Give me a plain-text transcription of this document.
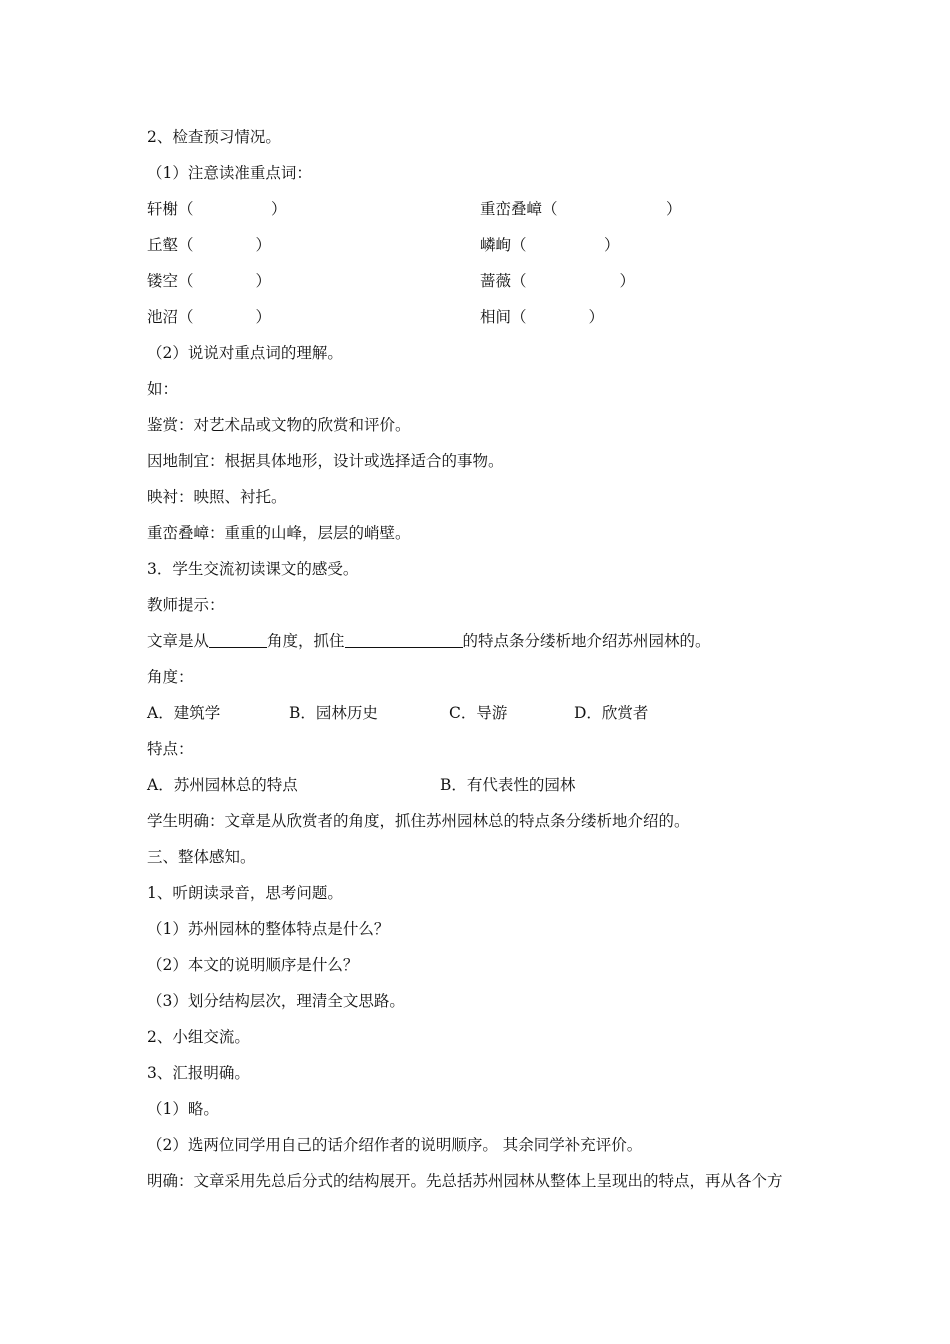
2、检查预习情况。
（1）注意读准重点词：
轩榭（　　　　　）	重峦叠嶂（　　　　　　　）
丘壑（　　　　）	嶙峋（　　　　　）
镂空（　　　　）	蔷薇（　　　　　　）
池沼（　　　　）	相间（　　　　）
（2）说说对重点词的理解。
如：
鉴赏：对艺术品或文物的欣赏和评价。
因地制宜：根据具体地形，设计或选择适合的事物。
映衬：映照、衬托。
重峦叠嶂：重重的山峰，层层的峭壁。
3．学生交流初读课文的感受。
教师提示：
文章是从	角度，抓住	的特点条分缕析地介绍苏州园林的。
角度：
A．建筑学	B．园林历史	C．导游	D．欣赏者
特点：
A．苏州园林总的特点	B．有代表性的园林
学生明确：文章是从欣赏者的角度，抓住苏州园林总的特点条分缕析地介绍的。
三、整体感知。
1、听朗读录音，思考问题。
（1）苏州园林的整体特点是什么？
（2）本文的说明顺序是什么？
（3）划分结构层次，理清全文思路。
2、小组交流。
3、汇报明确。
（1）略。
（2）选两位同学用自己的话介绍作者的说明顺序。 其余同学补充评价。
明确：文章采用先总后分式的结构展开。先总括苏州园林从整体上呈现出的特点，再从各个方
